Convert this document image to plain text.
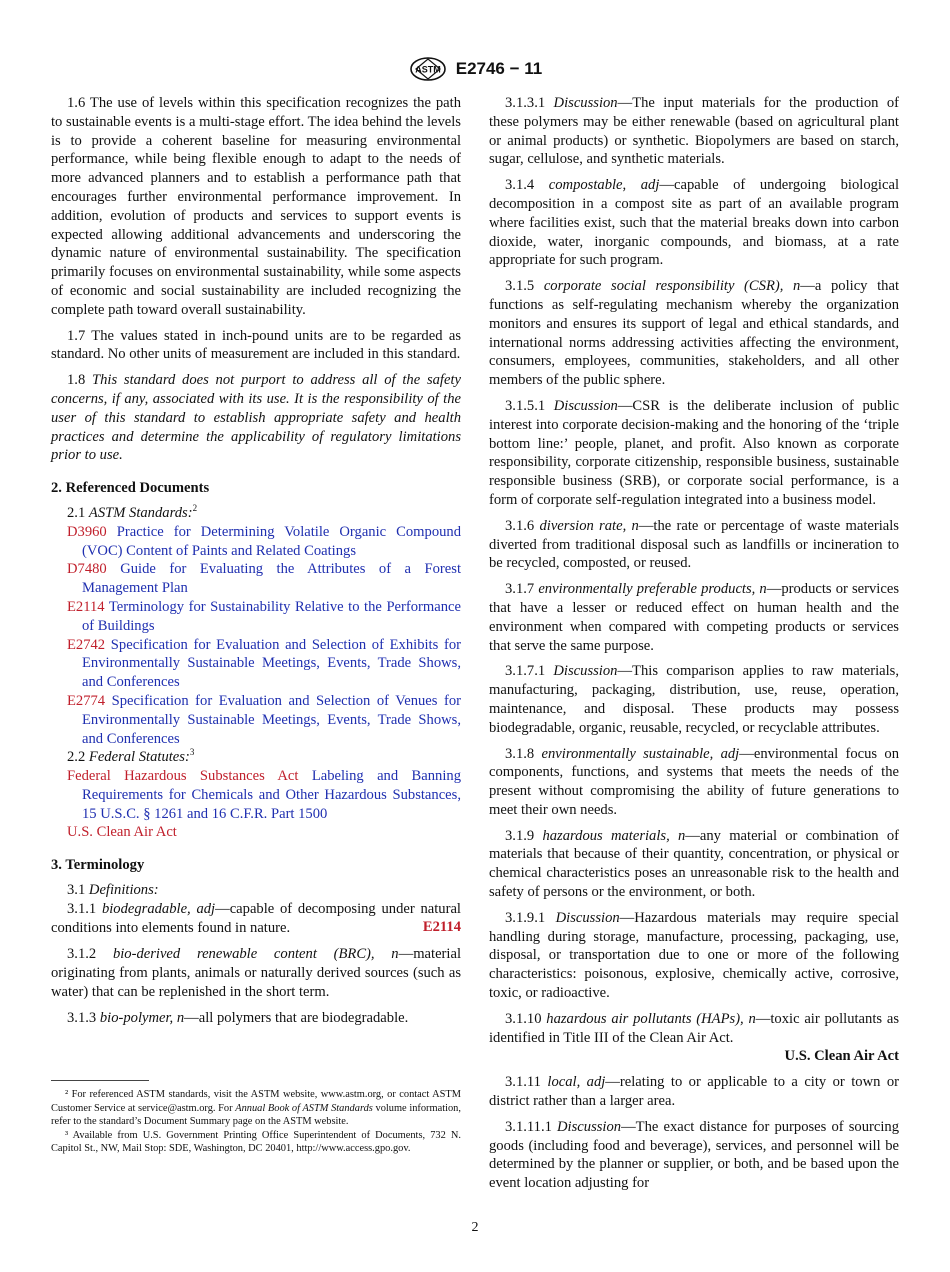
ASTM E2746 − 11

1.6 The use of levels within this specification recognizes the path to sustainable events is a multi-stage effort. The idea behind the levels is to provide a coherent baseline for measuring environmental performance, while being flexible enough to adapt to the needs of more advanced planners and to establish a performance path that encourages further environmental performance improvement. In addition, evolution of products and services to support events is expected allowing additional advancements and underscoring the dynamic nature of environmental sustainability. The specification primarily focuses on environmental sustainability, while some aspects of economic and social sustainability are included recognizing the complete path toward overall sustainability.

1.7 The values stated in inch-pound units are to be regarded as standard. No other units of measurement are included in this standard.

1.8 This standard does not purport to address all of the safety concerns, if any, associated with its use. It is the responsibility of the user of this standard to establish appropriate safety and health practices and determine the applicability of regulatory limitations prior to use.

2. Referenced Documents
2.1 ASTM Standards:$^2$

D3960 Practice for Determining Volatile Organic Compound (VOC) Content of Paints and Related Coatings

D7480 Guide for Evaluating the Attributes of a Forest Management Plan

E2114 Terminology for Sustainability Relative to the Performance of Buildings

E2742 Specification for Evaluation and Selection of Exhibits for Environmentally Sustainable Meetings, Events, Trade Shows, and Conferences

E2774 Specification for Evaluation and Selection of Venues for Environmentally Sustainable Meetings, Events, Trade Shows, and Conferences

2.2 Federal Statutes:$^3$

Federal Hazardous Substances Act Labeling and Banning Requirements for Chemicals and Other Hazardous Substances, 15 U.S.C. § 1261 and 16 C.F.R. Part 1500

U.S. Clean Air Act

3. Terminology
3.1 Definitions:

3.1.1 biodegradable, adj—capable of decomposing under natural conditions into elements found in nature.	E2114

3.1.2 bio-derived renewable content (BRC), n—material originating from plants, animals or naturally derived sources (such as water) that can be replenished in the short term.

3.1.3 bio-polymer, n—all polymers that are biodegradable.

² For referenced ASTM standards, visit the ASTM website, www.astm.org, or contact ASTM Customer Service at service@astm.org. For Annual Book of ASTM Standards volume information, refer to the standard’s Document Summary page on the ASTM website.

³ Available from U.S. Government Printing Office Superintendent of Documents, 732 N. Capitol St., NW, Mail Stop: SDE, Washington, DC 20401, http://www.access.gpo.gov.

3.1.3.1 Discussion—The input materials for the production of these polymers may be either renewable (based on agricultural plant or animal products) or synthetic. Biopolymers are based on starch, sugar, cellulose, and synthetic materials.

3.1.4 compostable, adj—capable of undergoing biological decomposition in a compost site as part of an available program where facilities exist, such that the material breaks down into carbon dioxide, water, inorganic compounds, and biomass, at a rate appropriate for such program.

3.1.5 corporate social responsibility (CSR), n—a policy that functions as self-regulating mechanism whereby the organization monitors and ensures its support of legal and ethical standards, and international norms addressing activities affecting the environment, consumers, employees, communities, stakeholders, and all other members of the public sphere.

3.1.5.1 Discussion—CSR is the deliberate inclusion of public interest into corporate decision-making and the honoring of the ‘triple bottom line:’ people, planet, and profit. Also known as corporate responsibility, corporate citizenship, responsible business, sustainable responsible business (SRB), or corporate social performance, is a form of corporate self-regulation integrated into a business model.

3.1.6 diversion rate, n—the rate or percentage of waste materials diverted from traditional disposal such as landfills or incineration to be recycled, composted, or reused.

3.1.7 environmentally preferable products, n—products or services that have a lesser or reduced effect on human health and the environment when compared with competing products or services that serve the same purpose.

3.1.7.1 Discussion—This comparison applies to raw materials, manufacturing, packaging, distribution, use, reuse, operation, maintenance, and disposal. These products may possess biodegradable, organic, reusable, recycled, or recyclable attributes.

3.1.8 environmentally sustainable, adj—environmental focus on components, functions, and systems that meets the needs of the present without compromising the ability of future generations to meet their own needs.

3.1.9 hazardous materials, n—any material or combination of materials that because of their quantity, concentration, or physical or chemical characteristics poses an unreasonable risk to the health and safety of persons or the environment, or both.

3.1.9.1 Discussion—Hazardous materials may require special handling during storage, manufacture, processing, packaging, use, disposal, or transportation due to one or more of the following characteristics: poisonous, explosive, chemically active, corrosive, toxic, or radioactive.

3.1.10 hazardous air pollutants (HAPs), n—toxic air pollutants as identified in Title III of the Clean Air Act.

U.S. Clean Air Act

3.1.11 local, adj—relating to or applicable to a city or town or district rather than a larger area.

3.1.11.1 Discussion—The exact distance for purposes of sourcing goods (including food and beverage), services, and personnel will be determined by the planner or supplier, or both, and be based upon the event location adjusting for

2
